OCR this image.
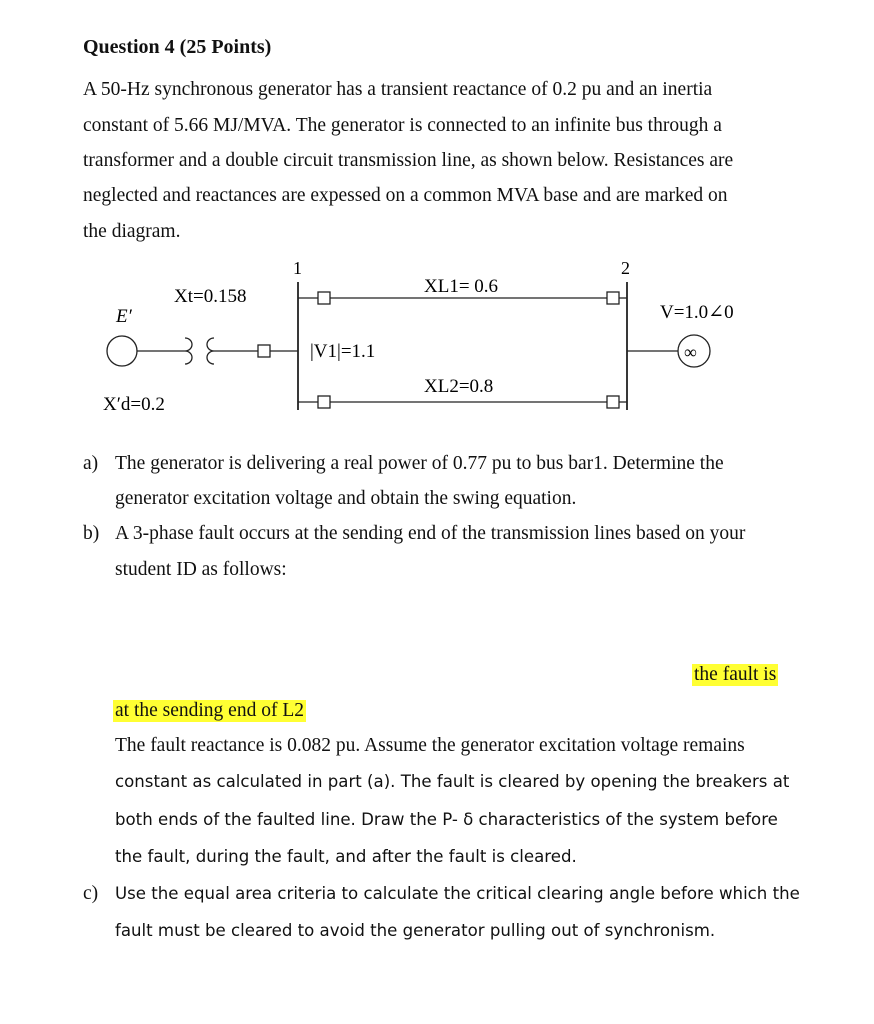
Question 4 (25 Points)
A 50-Hz synchronous generator has a transient reactance of 0.2 pu and an inertia
constant of 5.66 MJ/MVA. The generator is connected to an infinite bus through a
transformer and a double circuit transmission line, as shown below. Resistances are
neglected and reactances are expessed on a common MVA base and are marked on
the diagram.
E′
Xt=0.158
X′d=0.2
1	2
|V1|=1.1
XL1= 0.6
XL2=0.8
V=1.0∠0
∞
a) The generator is delivering a real power of 0.77 pu to bus bar1. Determine the
generator excitation voltage and obtain the swing equation.
b) A 3-phase fault occurs at the sending end of the transmission lines based on your
student ID as follows:
the fault is
at the sending end of L2
The fault reactance is 0.082 pu. Assume the generator excitation voltage remains
constant as calculated in part (a). The fault is cleared by opening the breakers at
both ends of the faulted line. Draw the P- δ characteristics of the system before
the fault, during the fault, and after the fault is cleared.
c) Use the equal area criteria to calculate the critical clearing angle before which the
fault must be cleared to avoid the generator pulling out of synchronism.
